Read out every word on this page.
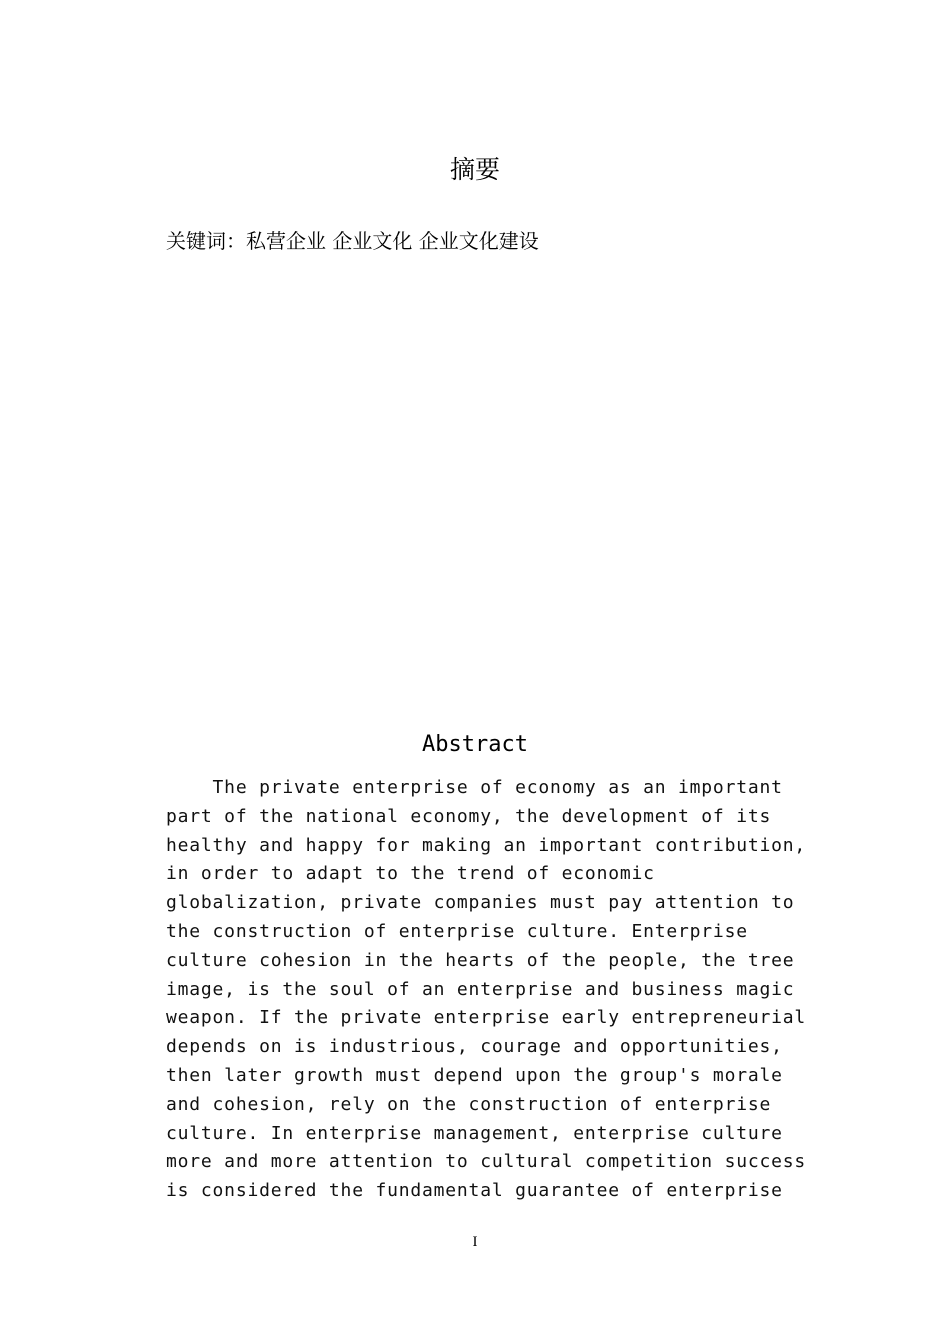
摘要
关键词：私营企业 企业文化 企业文化建设
Abstract
The private enterprise of economy as an important
part of the national economy, the development of its
healthy and happy for making an important contribution,
in order to adapt to the trend of economic
globalization, private companies must pay attention to
the construction of enterprise culture. Enterprise
culture cohesion in the hearts of the people, the tree
image, is the soul of an enterprise and business magic
weapon. If the private enterprise early entrepreneurial
depends on is industrious, courage and opportunities,
then later growth must depend upon the group's morale
and cohesion, rely on the construction of enterprise
culture. In enterprise management, enterprise culture
more and more attention to cultural competition success
is considered the fundamental guarantee of enterprise
I
